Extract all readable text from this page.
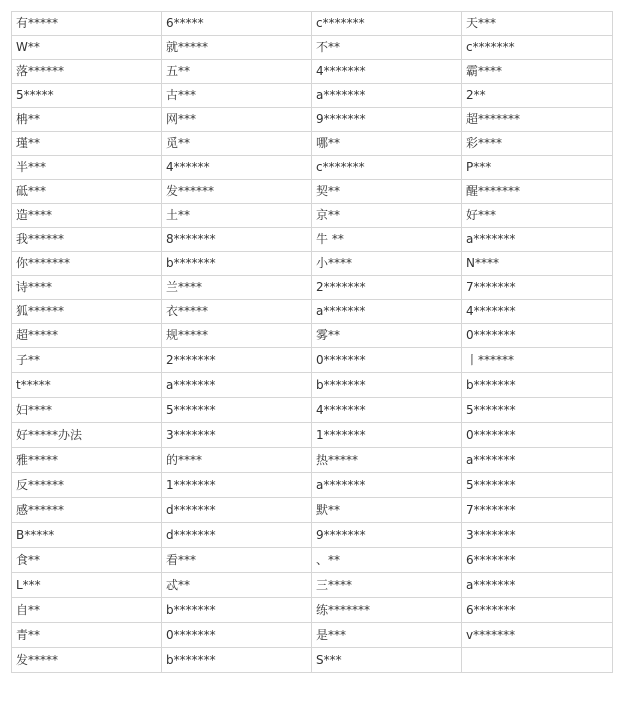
有*****	6*****	c*******	天***
W**	就*****	不**	c*******
落******	五**	4*******	霸****
5*****	古***	a*******	2**
柟**	网***	9*******	超*******
瑾**	觅**	哪**	彩****
半***	4******	c*******	P***
砥***	发******	契**	醒*******
造****	土**	京**	好***
我******	8*******	牛 **	a*******
你*******	b*******	小****	N****
诗****	兰****	2*******	7*******
狐******	衣*****	a*******	4*******
超*****	规*****	雾**	0*******
子**	2*******	0*******	丨******
t*****	a*******	b*******	b*******
妇****	5*******	4*******	5*******
好*****办法	3*******	1*******	0*******
雅*****	的****	热*****	a*******
反******	1*******	a*******	5*******
感******	d*******	默**	7*******
B*****	d*******	9*******	3*******
食**	看***	、**	6*******
L***	忒**	三****	a*******
自**	b*******	练*******	6*******
青**	0*******	是***	v*******
发*****	b*******	S***	
